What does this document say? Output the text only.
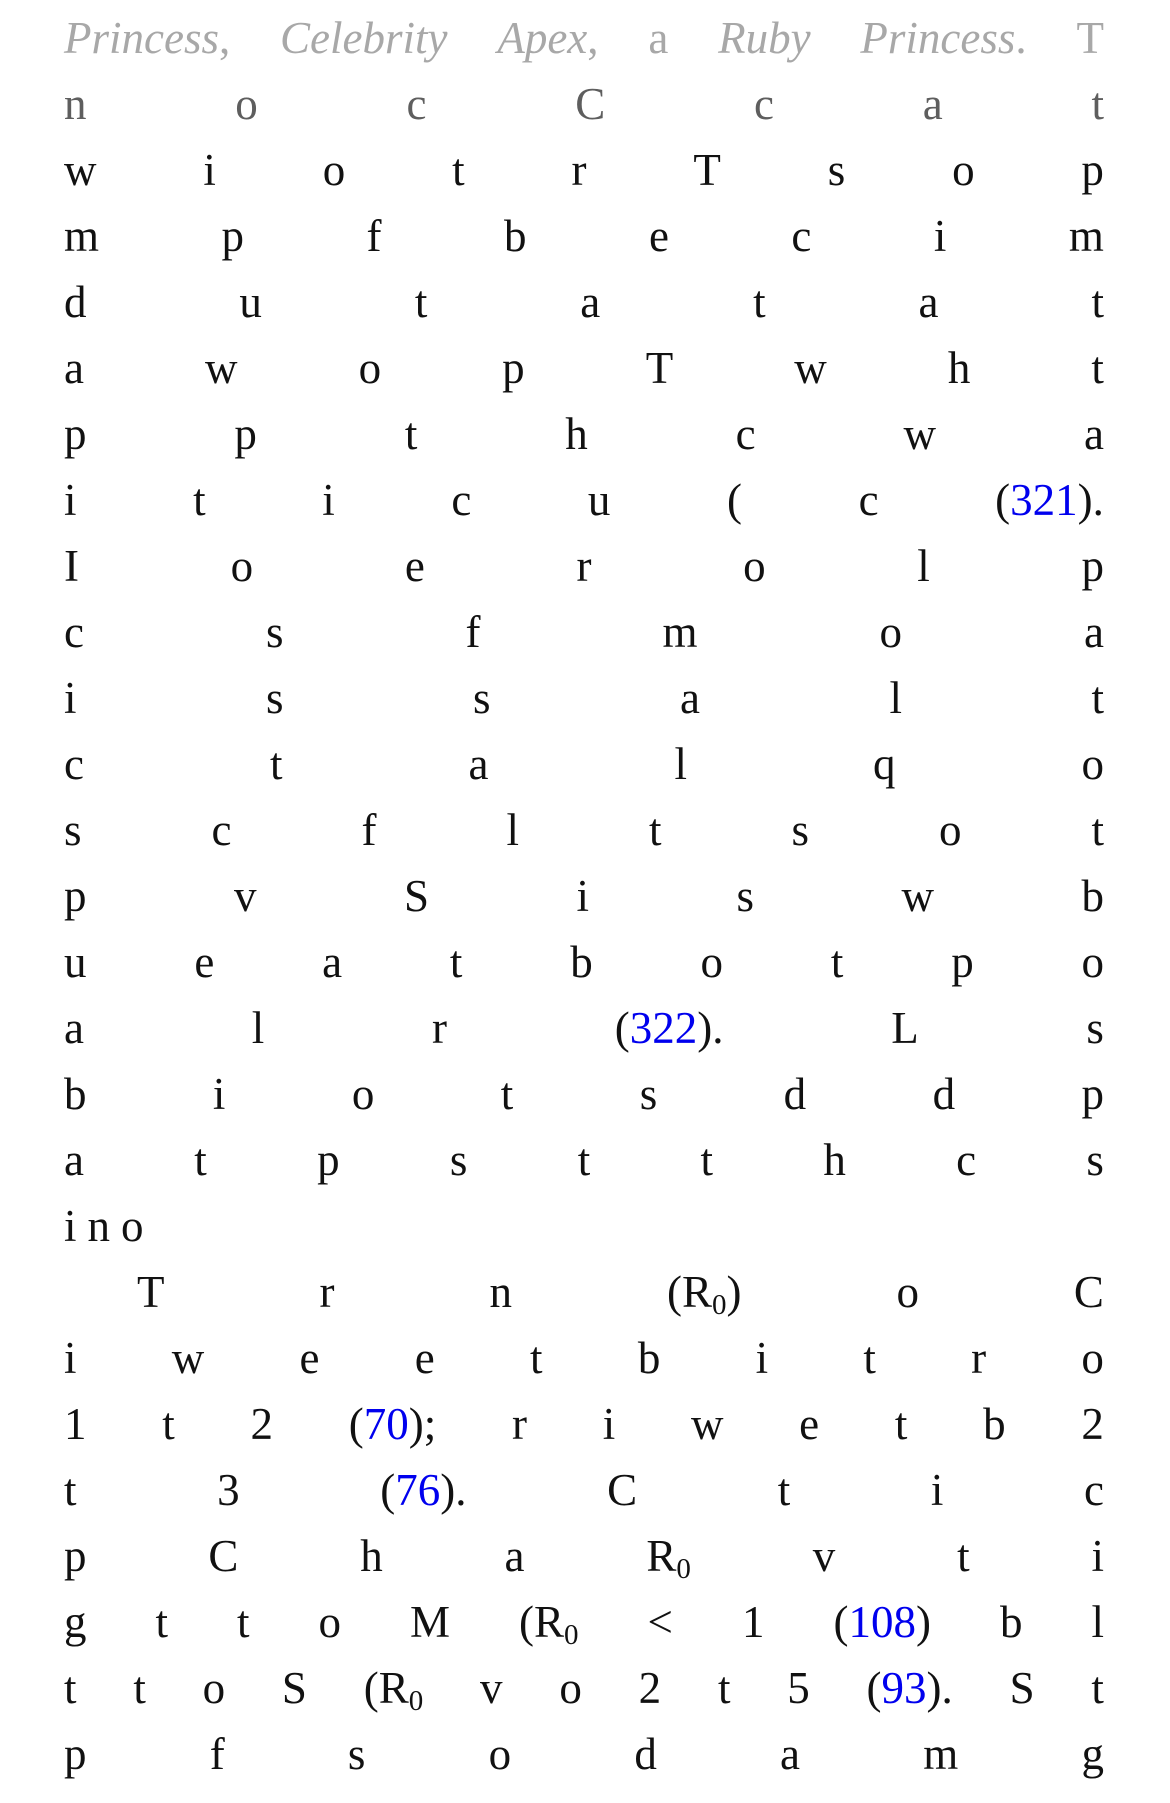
Princess, Celebrity Apex, a Ruby Princess. T
n	o	c	C	c	a	t
w i o t r T s o p
m	p	f	b	e	c	i	m
d	u	t	a	t	a	t
a	w	o	p	T	w	h	t
p	p	t	h	c	w	a
i	t	i	c	u	(	c	(321).
I	o	e	r	o	l	p
c	s	f	m	o	a
i	s	s	a	l	t
c	t	a	l	q	o
s	c	f	l	t	s	o	t
p	v	S	i	s	w	b
u e a t b o t p o
a	l	r	(322).	L	s
b	i	o	t	s	d	d	p
a t p s t t h c s
i n o
T	r	n	(R0)	o	C
i w e e t b i t r o
1 t 2 (70); r i w e t b 2
t	3	(76).	C	t	i	c
p	C	h	a	R0	v	t	i
g t t o M (R0 < 1 (108) b l
t t o S (R0 v o 2 t 5 (93). S t
p	f	s	o	d	a	m	g
